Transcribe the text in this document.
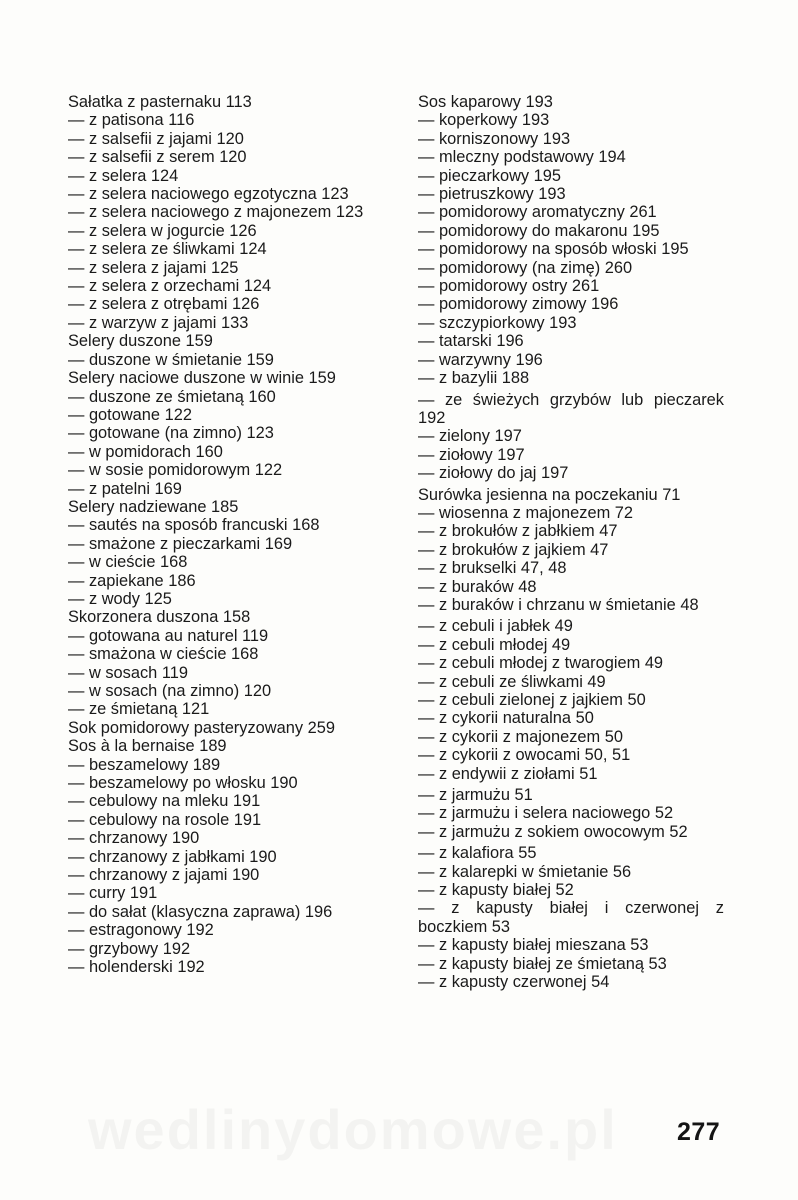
Sałatka z pasternaku 113
— z patisona 116
— z salsefii z jajami 120
— z salsefii z serem 120
— z selera 124
— z selera naciowego egzotyczna 123
— z selera naciowego z majonezem 123
— z selera w jogurcie 126
— z selera ze śliwkami 124
— z selera z jajami 125
— z selera z orzechami 124
— z selera z otrębami 126
— z warzyw z jajami 133
Selery duszone 159
— duszone w śmietanie 159
Selery naciowe duszone w winie 159
— duszone ze śmietaną 160
— gotowane 122
— gotowane (na zimno) 123
— w pomidorach 160
— w sosie pomidorowym 122
— z patelni 169
Selery nadziewane 185
— sautés na sposób francuski 168
— smażone z pieczarkami 169
— w cieście 168
— zapiekane 186
— z wody 125
Skorzonera duszona 158
— gotowana au naturel 119
— smażona w cieście 168
— w sosach 119
— w sosach (na zimno) 120
— ze śmietaną 121
Sok pomidorowy pasteryzowany 259
Sos à la bernaise 189
— beszamelowy 189
— beszamelowy po włosku 190
— cebulowy na mleku 191
— cebulowy na rosole 191
— chrzanowy 190
— chrzanowy z jabłkami 190
— chrzanowy z jajami 190
— curry 191
— do sałat (klasyczna zaprawa) 196
— estragonowy 192
— grzybowy 192
— holenderski 192
Sos kaparowy 193
— koperkowy 193
— korniszonowy 193
— mleczny podstawowy 194
— pieczarkowy 195
— pietruszkowy 193
— pomidorowy aromatyczny 261
— pomidorowy do makaronu 195
— pomidorowy na sposób włoski 195
— pomidorowy (na zimę) 260
— pomidorowy ostry 261
— pomidorowy zimowy 196
— szczypiorkowy 193
— tatarski 196
— warzywny 196
— z bazylii 188
— ze świeżych grzybów lub pieczarek 192
— zielony 197
— ziołowy 197
— ziołowy do jaj 197
Surówka jesienna na poczekaniu 71
— wiosenna z majonezem 72
— z brokułów z jabłkiem 47
— z brokułów z jajkiem 47
— z brukselki 47, 48
— z buraków 48
— z buraków i chrzanu w śmietanie 48
— z cebuli i jabłek 49
— z cebuli młodej 49
— z cebuli młodej z twarogiem 49
— z cebuli ze śliwkami 49
— z cebuli zielonej z jajkiem 50
— z cykorii naturalna 50
— z cykorii z majonezem 50
— z cykorii z owocami 50, 51
— z endywii z ziołami 51
— z jarmużu 51
— z jarmużu i selera naciowego 52
— z jarmużu z sokiem owocowym 52
— z kalafiora 55
— z kalarepki w śmietanie 56
— z kapusty białej 52
— z kapusty białej i czerwonej z boczkiem 53
— z kapusty białej mieszana 53
— z kapusty białej ze śmietaną 53
— z kapusty czerwonej 54
277
